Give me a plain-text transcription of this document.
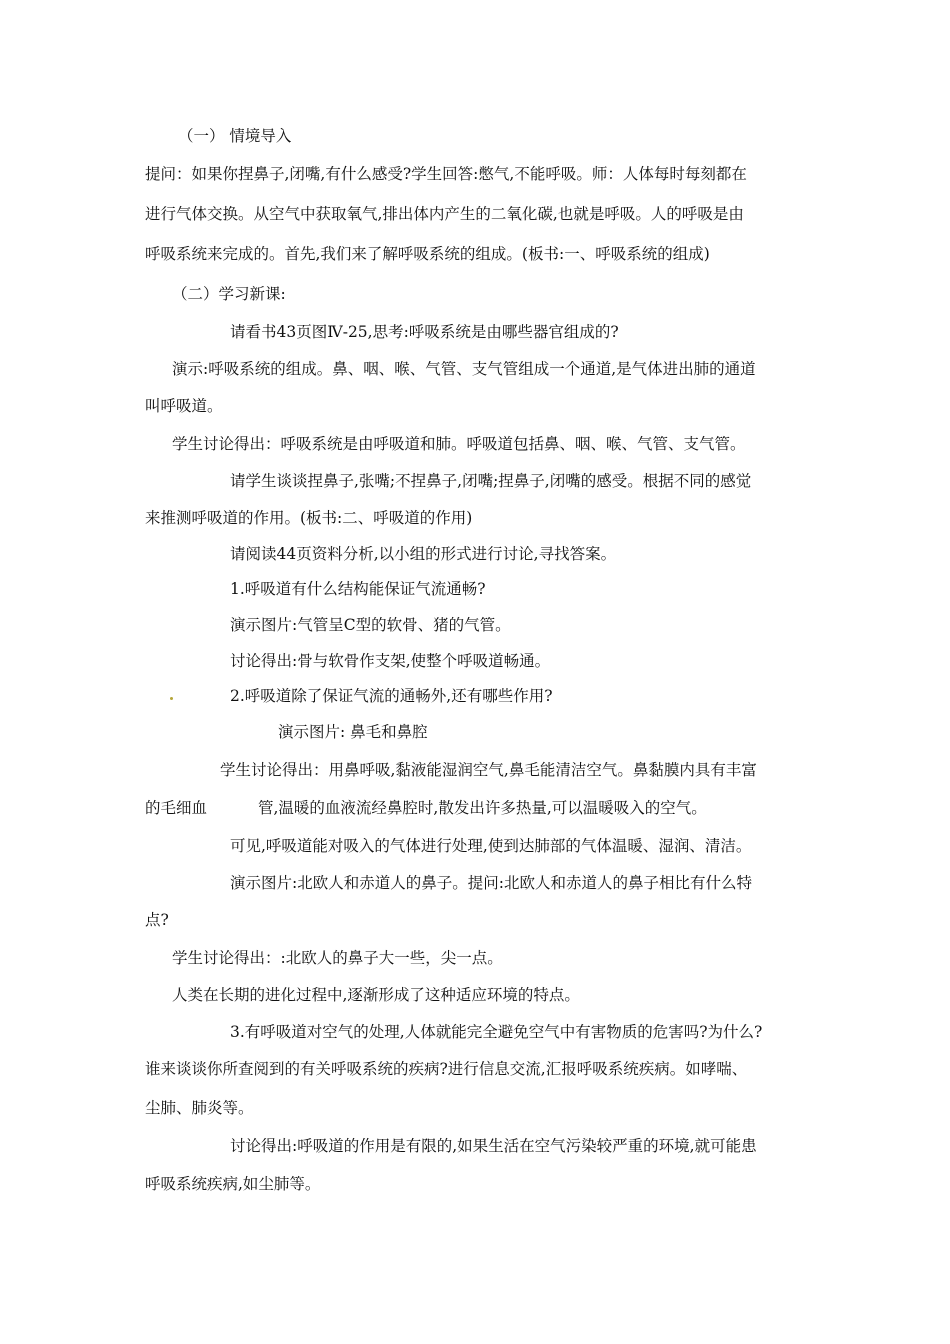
（一） 情境导入
提问：如果你捏鼻子,闭嘴,有什么感受?学生回答:憋气,不能呼吸。师：人体每时每刻都在
进行气体交换。从空气中获取氧气,排出体内产生的二氧化碳,也就是呼吸。人的呼吸是由
呼吸系统来完成的。首先,我们来了解呼吸系统的组成。(板书:一、呼吸系统的组成)
（二）学习新课:
请看书43页图Ⅳ-25,思考:呼吸系统是由哪些器官组成的?
演示:呼吸系统的组成。鼻、咽、喉、气管、支气管组成一个通道,是气体进出肺的通道
叫呼吸道。
学生讨论得出：呼吸系统是由呼吸道和肺。呼吸道包括鼻、咽、喉、气管、支气管。
请学生谈谈捏鼻子,张嘴;不捏鼻子,闭嘴;捏鼻子,闭嘴的感受。根据不同的感觉
来推测呼吸道的作用。(板书:二、呼吸道的作用)
请阅读44页资料分析,以小组的形式进行讨论,寻找答案。
1.呼吸道有什么结构能保证气流通畅?
演示图片:气管呈C型的软骨、猪的气管。
讨论得出:骨与软骨作支架,使整个呼吸道畅通。
2.呼吸道除了保证气流的通畅外,还有哪些作用?
演示图片: 鼻毛和鼻腔
学生讨论得出：用鼻呼吸,黏液能湿润空气,鼻毛能清洁空气。鼻黏膜内具有丰富
的毛细血	管,温暖的血液流经鼻腔时,散发出许多热量,可以温暖吸入的空气。
可见,呼吸道能对吸入的气体进行处理,使到达肺部的气体温暖、湿润、清洁。
演示图片:北欧人和赤道人的鼻子。提问:北欧人和赤道人的鼻子相比有什么特
点?
学生讨论得出：:北欧人的鼻子大一些，尖一点。
人类在长期的进化过程中,逐渐形成了这种适应环境的特点。
3.有呼吸道对空气的处理,人体就能完全避免空气中有害物质的危害吗?为什么?
谁来谈谈你所查阅到的有关呼吸系统的疾病?进行信息交流,汇报呼吸系统疾病。如哮喘、
尘肺、肺炎等。
讨论得出:呼吸道的作用是有限的,如果生活在空气污染较严重的环境,就可能患
呼吸系统疾病,如尘肺等。
